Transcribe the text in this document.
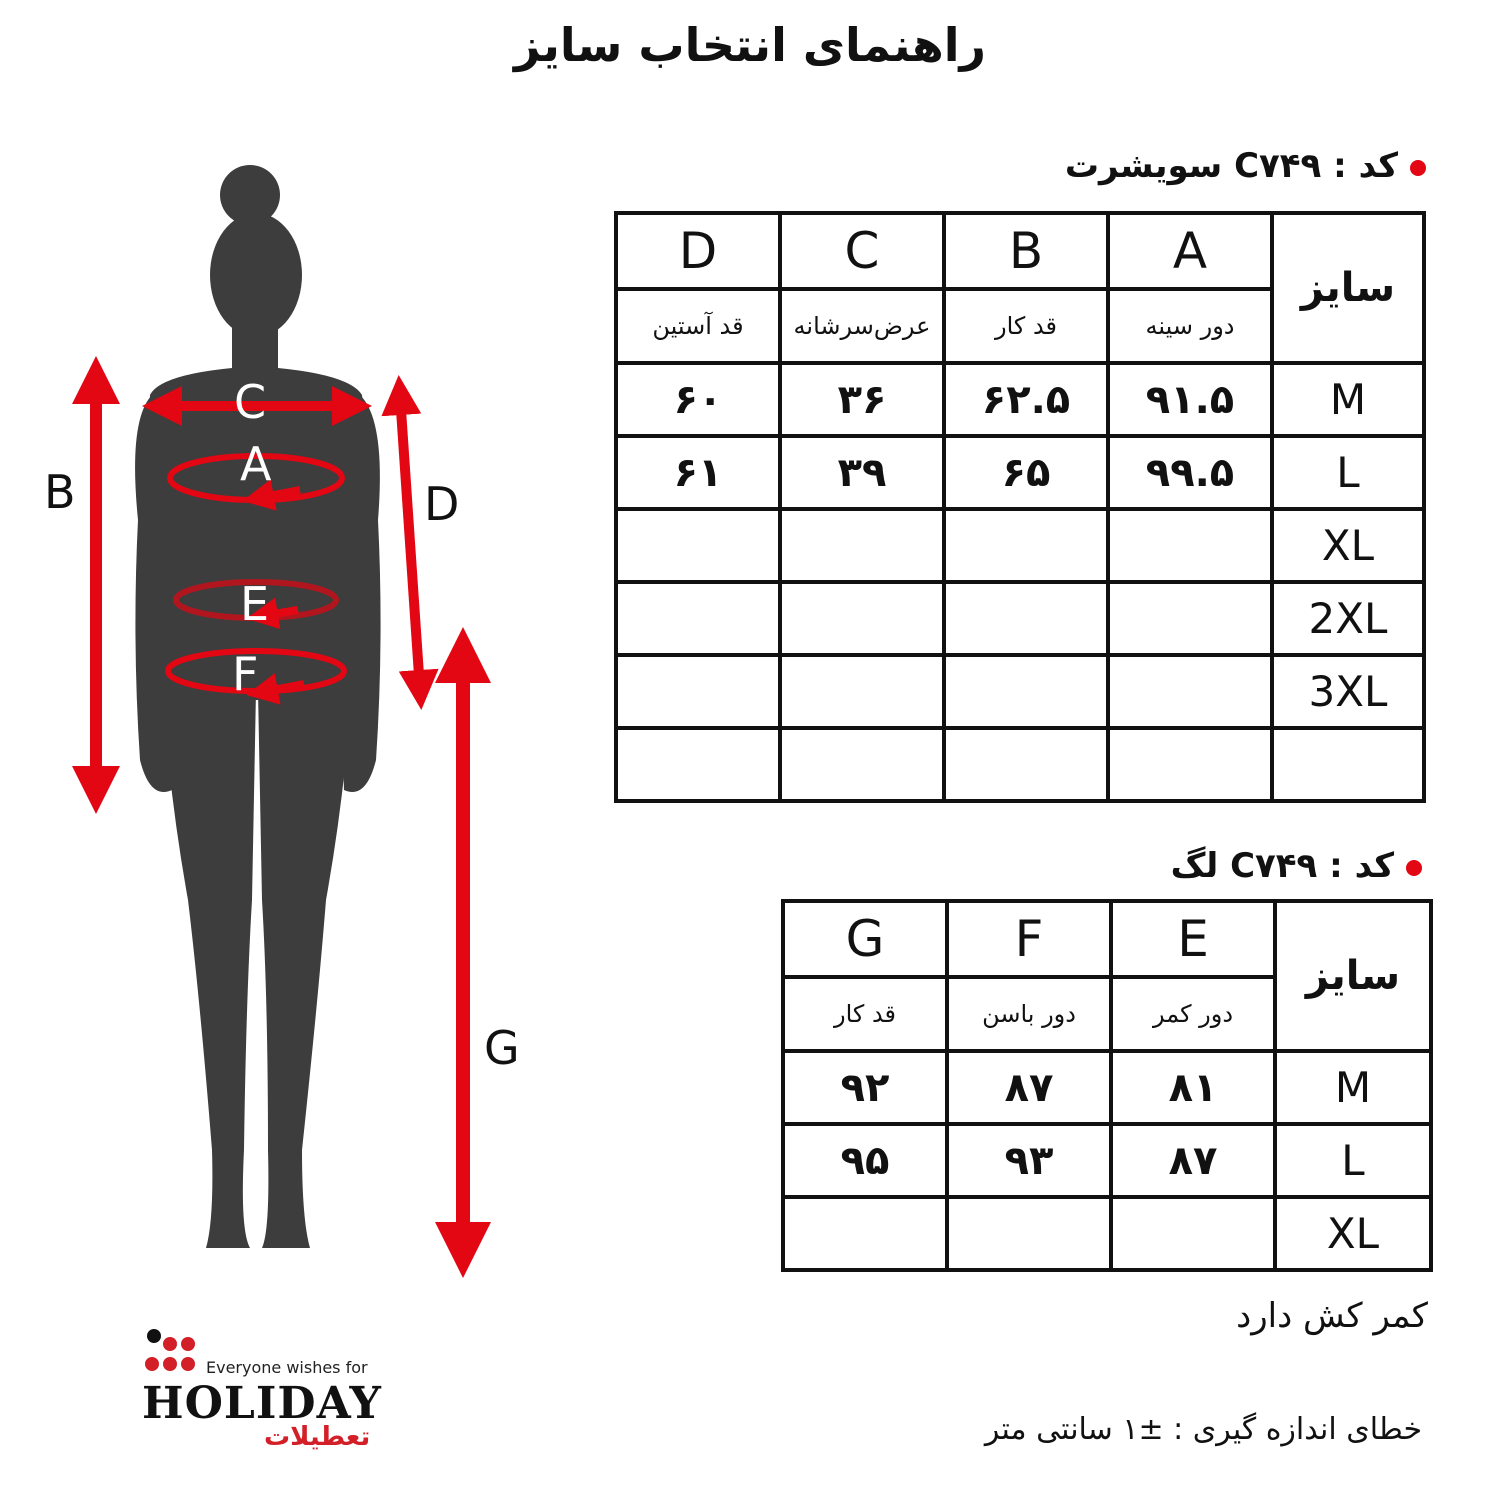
راهنمای انتخاب سایز
B	D
G
C
A
E
F
کد : C۷۴۹ سویشرت
سایز	A	B	C	D
	دور سینه	قد کار	عرض‌سرشانه	قد آستین
M	۹۱.۵	۶۲.۵	۳۶	۶۰
L	۹۹.۵	۶۵	۳۹	۶۱
XL				
2XL				
3XL				

کد : C۷۴۹ لگ
سایز	E	F	G
	دور کمر	دور باسن	قد کار
M	۸۱	۸۷	۹۲
L	۸۷	۹۳	۹۵
XL			
کمر کش دارد
خطای اندازه گیری : ±۱ سانتی متر
Everyone wishes for
HOLIDAY
تعطیلات
